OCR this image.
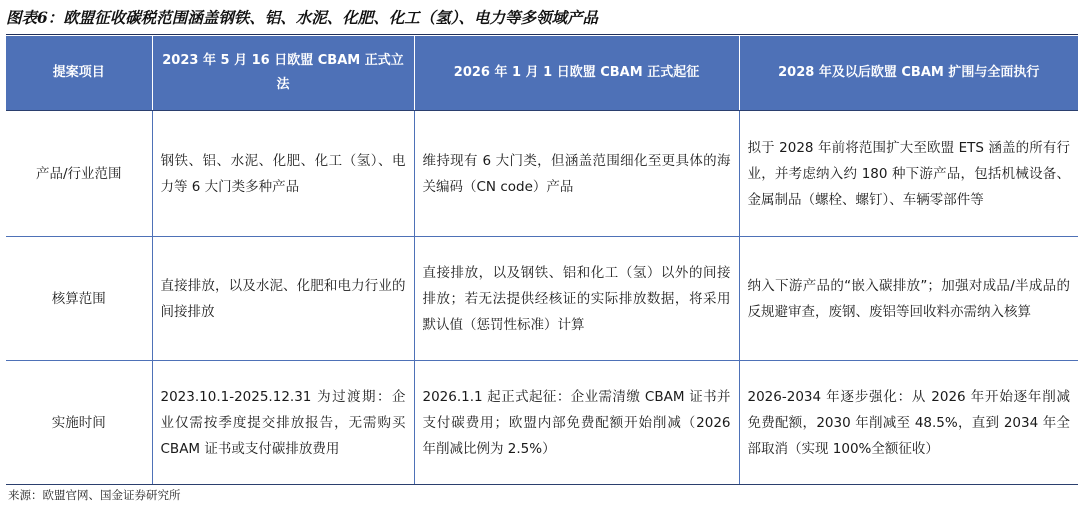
图表6：欧盟征收碳税范围涵盖钢铁、铝、水泥、化肥、化工（氢）、电力等多领域产品
提案项目	2023 年 5 月 16 日欧盟 CBAM 正式立法	2026 年 1 月 1 日欧盟 CBAM 正式起征	2028 年及以后欧盟 CBAM 扩围与全面执行
产品/行业范围	钢铁、铝、水泥、化肥、化工（氢）、电力等 6 大门类多种产品	维持现有 6 大门类，但涵盖范围细化至更具体的海关编码（CN code）产品	拟于 2028 年前将范围扩大至欧盟 ETS 涵盖的所有行业，并考虑纳入约 180 种下游产品，包括机械设备、金属制品（螺栓、螺钉）、车辆零部件等
核算范围	直接排放，以及水泥、化肥和电力行业的间接排放	直接排放，以及钢铁、铝和化工（氢）以外的间接排放；若无法提供经核证的实际排放数据，将采用默认值（惩罚性标准）计算	纳入下游产品的“嵌入碳排放”；加强对成品/半成品的反规避审查，废钢、废铝等回收料亦需纳入核算
实施时间	2023.10.1-2025.12.31 为过渡期：企业仅需按季度提交排放报告，无需购买 CBAM 证书或支付碳排放费用	2026.1.1 起正式起征：企业需清缴 CBAM 证书并支付碳费用；欧盟内部免费配额开始削减（2026 年削减比例为 2.5%）	2026-2034 年逐步强化：从 2026 年开始逐年削减免费配额，2030 年削减至 48.5%，直到 2034 年全部取消（实现 100%全额征收）
来源：欧盟官网、国金证券研究所
